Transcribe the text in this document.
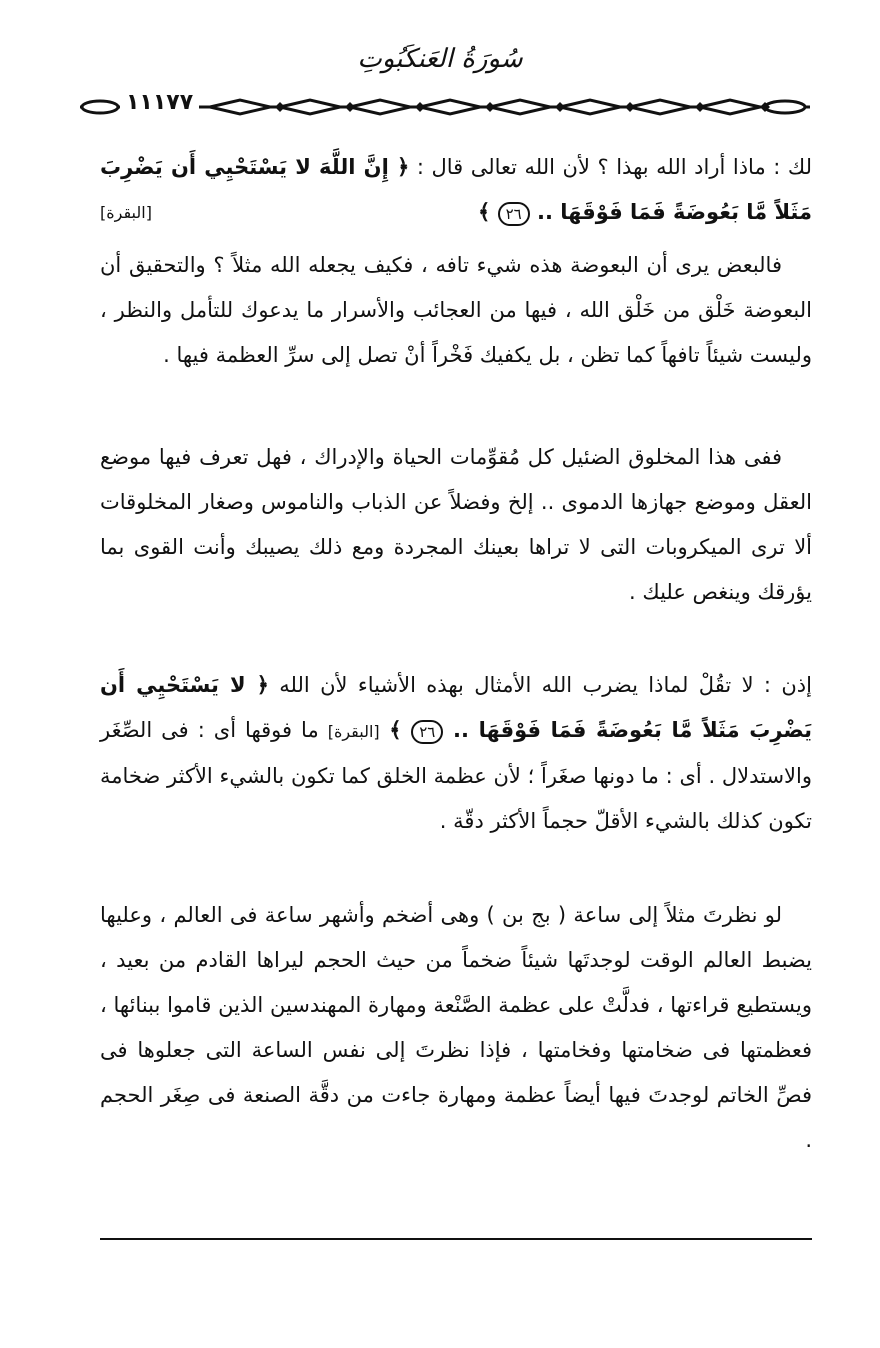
سُورَةُ العَنكَبُوتِ
١١١٧٧
لك : ماذا أراد الله بهذا ؟ لأن الله تعالى قال : ﴿ إِنَّ اللَّهَ لا يَسْتَحْيِي أَن يَضْرِبَ مَثَلاً مَّا بَعُوضَةً فَمَا فَوْقَهَا .. ٢٦ ﴾
[البقرة]
فالبعض يرى أن البعوضة هذه شيء تافه ، فكيف يجعله الله مثلاً ؟ والتحقيق أن البعوضة خَلْق من خَلْق الله ، فيها من العجائب والأسرار ما يدعوك للتأمل والنظر ، وليست شيئاً تافهاً كما تظن ، بل يكفيك فَخْراً أنْ تصل إلى سرِّ العظمة فيها .
ففى هذا المخلوق الضئيل كل مُقوِّمات الحياة والإدراك ، فهل تعرف فيها موضع العقل وموضع جهازها الدموى .. إلخ وفضلاً عن الذباب والناموس وصغار المخلوقات ألا ترى الميكروبات التى لا تراها بعينك المجردة ومع ذلك يصيبك وأنت القوى بما يؤرقك وينغص عليك .
إذن : لا تقُلْ لماذا يضرب الله الأمثال بهذه الأشياء لأن الله ﴿ لا يَسْتَحْيِي أَن يَضْرِبَ مَثَلاً مَّا بَعُوضَةً فَمَا فَوْقَهَا .. ٢٦ ﴾ [البقرة] ما فوقها أى : فى الصِّغَر والاستدلال . أى : ما دونها صغَراً ؛ لأن عظمة الخلق كما تكون بالشيء الأكثر ضخامة تكون كذلك بالشيء الأقلّ حجماً الأكثر دقّة .
لو نظرتَ مثلاً إلى ساعة ( بج بن ) وهى أضخم وأشهر ساعة فى العالم ، وعليها يضبط العالم الوقت لوجدتَها شيئاً ضخماً من حيث الحجم ليراها القادم من بعيد ، ويستطيع قراءتها ، فدلَّتْ على عظمة الصَّنْعة ومهارة المهندسين الذين قاموا ببنائها ، فعظمتها فى ضخامتها وفخامتها ، فإذا نظرتَ إلى نفس الساعة التى جعلوها فى فصِّ الخاتم لوجدتَ فيها أيضاً عظمة ومهارة جاءت من دقَّة الصنعة فى صِغَر الحجم .
